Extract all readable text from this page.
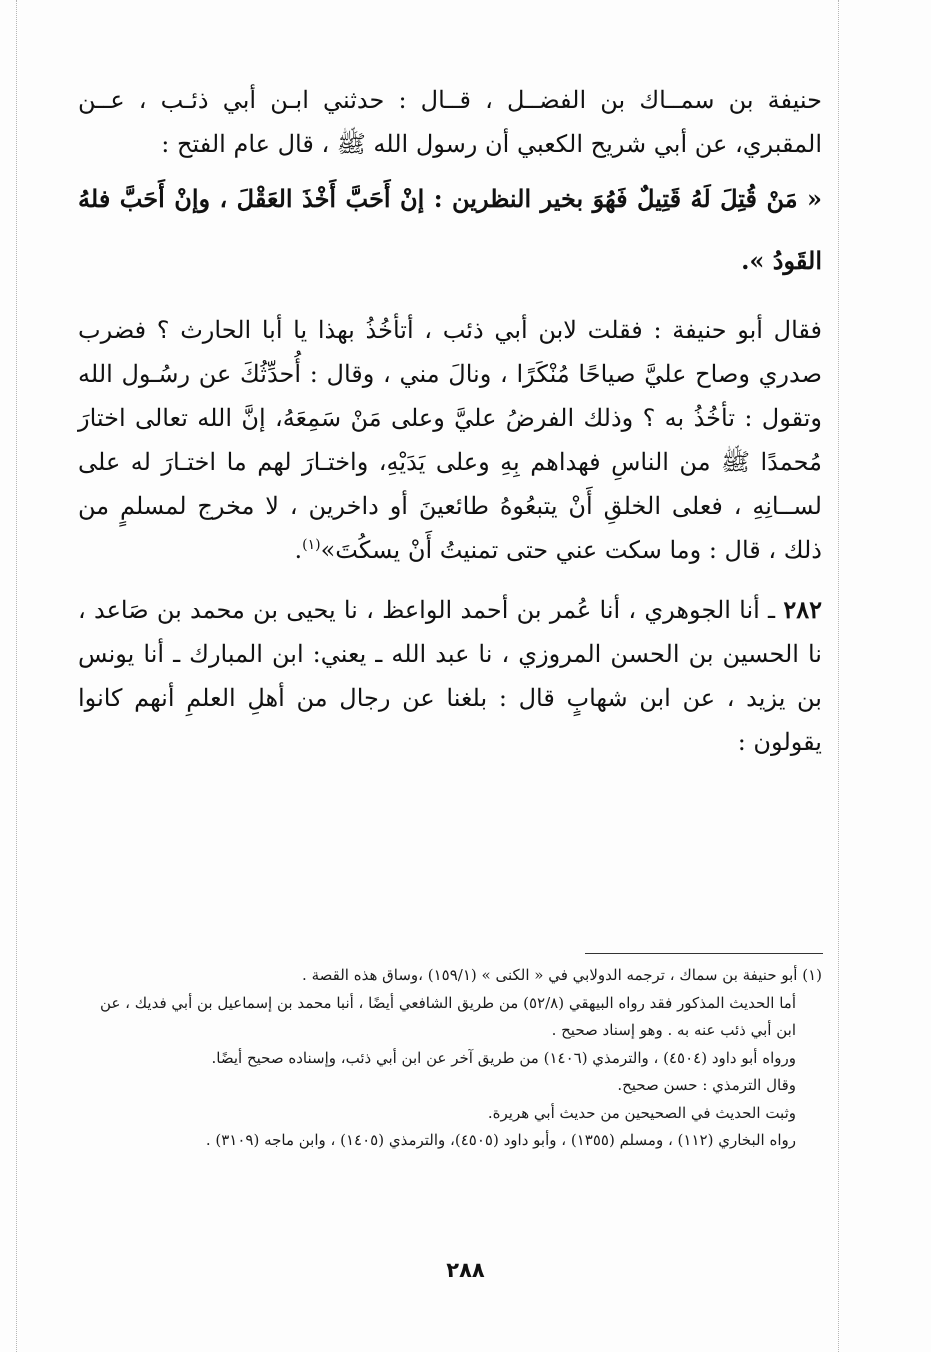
حنيفة بن سمــاك بن الفضــل ، قــال : حدثني ابـن أبي ذئـب ، عــن المقبري، عن أبي شريح الكعبي أن رسول الله ﷺ ، قال عام الفتح :

« مَنْ قُتِلَ لَهُ قَتِيلٌ فَهُوَ بخير النظرين : إنْ أَحَبَّ أَخْذَ العَقْلَ ، وإنْ أَحَبَّ فلهُ القَودُ ».

فقال أبو حنيفة : فقلت لابن أبي ذئب ، أتأخُذُ بهذا يا أبا الحارث ؟ فضرب صدري وصاح عليَّ صياحًا مُنْكَرًا ، ونالَ مني ، وقال : أُحدِّثُكَ عن رسُـول الله وتقول : تأخُذُ به ؟ وذلك الفرضُ عليَّ وعلى مَنْ سَمِعَهُ، إنَّ الله تعالى اختارَ مُحمدًا ﷺ من الناسِ فهداهم بِهِ وعلى يَدَيْهِ، واختـارَ لهم ما اختـارَ له على لســانِهِ ، فعلى الخلقِ أَنْ يتبعُوهُ طائعينَ أو داخرين ، لا مخرج لمسلمٍ من ذلك ، قال : وما سكت عني حتى تمنيتُ أَنْ يسكُتَ»$^{(١)}$.

٢٨٢ ـ أنا الجوهري ، أنا عُمر بن أحمد الواعظ ، نا يحيى بن محمد بن صَاعد ، نا الحسين بن الحسن المروزي ، نا عبد الله ـ يعني: ابن المبارك ـ أنا يونس بن يزيد ، عن ابن شهابٍ قال : بلغنا عن رجال من أهلِ العلمِ أنهم كانوا يقولون :

(١) أبو حنيفة بن سماك ، ترجمه الدولابي في « الكنى » (١٥٩/١) ،وساق هذه القصة .

أما الحديث المذكور فقد رواه البيهقي (٥٢/٨) من طريق الشافعي أيضًا ، أنبا محمد بن إسماعيل بن أبي فديك ، عن ابن أبي ذئب عنه به . وهو إسناد صحيح .

ورواه أبو داود (٤٥٠٤) ، والترمذي (١٤٠٦) من طريق آخر عن ابن أبي ذئب، وإسناده صحيح أيضًا.

وقال الترمذي : حسن صحيح.

وثبت الحديث في الصحيحين من حديث أبي هريرة.

رواه البخاري (١١٢) ، ومسلم (١٣٥٥) ، وأبو داود (٤٥٠٥)، والترمذي (١٤٠٥) ، وابن ماجه (٣١٠٩) .

٢٨٨
